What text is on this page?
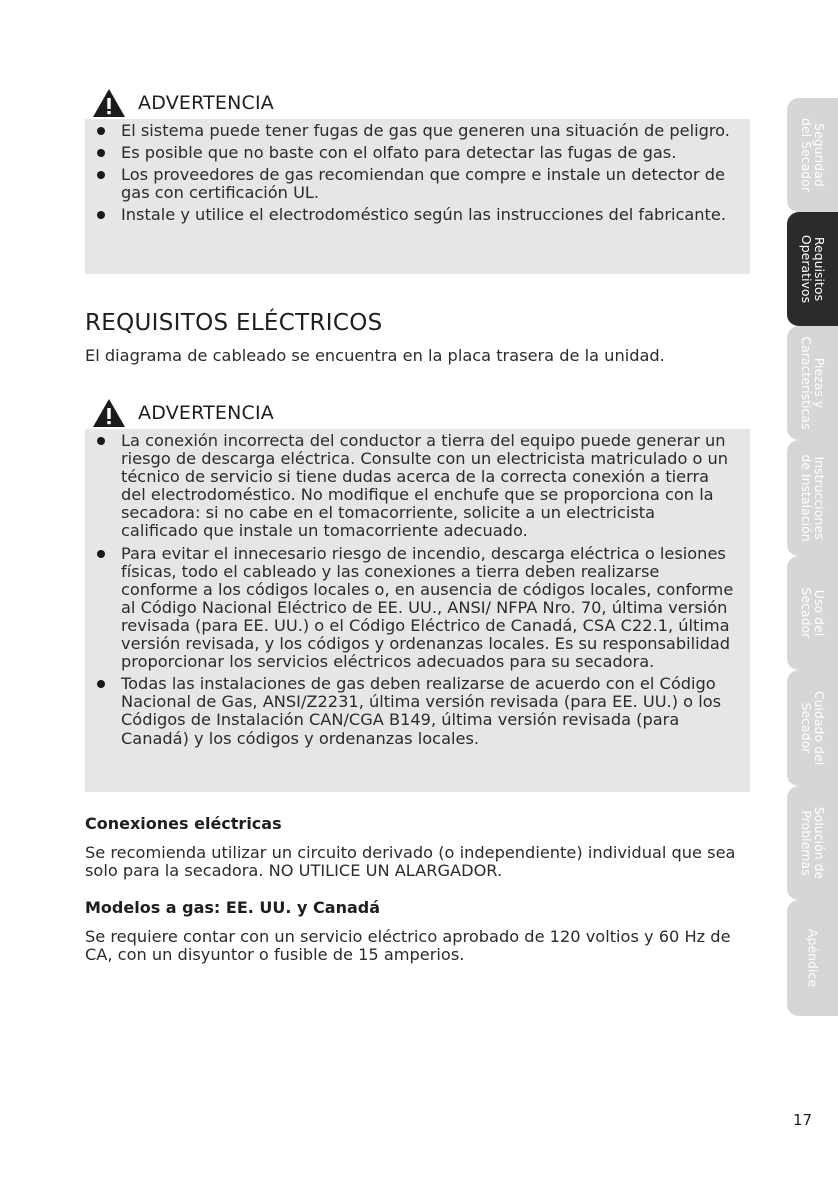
ADVERTENCIA
El sistema puede tener fugas de gas que generen una situación de peligro.
Es posible que no baste con el olfato para detectar las fugas de gas.
Los proveedores de gas recomiendan que compre e instale un detector de gas con certificación UL.
Instale y utilice el electrodoméstico según las instrucciones del fabricante.
REQUISITOS ELÉCTRICOS
El diagrama de cableado se encuentra en la placa trasera de la unidad.
ADVERTENCIA
La conexión incorrecta del conductor a tierra del equipo puede generar un riesgo de descarga eléctrica. Consulte con un electricista matriculado o un técnico de servicio si tiene dudas acerca de la correcta conexión a tierra del electrodoméstico. No modifique el enchufe que se proporciona con la secadora: si no cabe en el tomacorriente, solicite a un electricista calificado que instale un tomacorriente adecuado.
Para evitar el innecesario riesgo de incendio, descarga eléctrica o lesiones físicas, todo el cableado y las conexiones a tierra deben realizarse conforme a los códigos locales o, en ausencia de códigos locales, conforme al Código Nacional Eléctrico de EE. UU., ANSI/ NFPA Nro. 70, última versión revisada (para EE. UU.) o el Código Eléctrico de Canadá, CSA C22.1, última versión revisada, y los códigos y ordenanzas locales. Es su responsabilidad proporcionar los servicios eléctricos adecuados para su secadora.
Todas las instalaciones de gas deben realizarse de acuerdo con el Código Nacional de Gas, ANSI/Z2231, última versión revisada (para EE. UU.) o los Códigos de Instalación CAN/CGA B149, última versión revisada (para Canadá) y los códigos y ordenanzas locales.
Conexiones eléctricas
Se recomienda utilizar un circuito derivado (o independiente) individual que sea solo para la secadora. NO UTILICE UN ALARGADOR.
Modelos a gas: EE. UU. y Canadá
Se requiere contar con un servicio eléctrico aprobado de 120 voltios y 60 Hz de CA, con un disyuntor o fusible de 15 amperios.
Seguridad
del Secador
Requisitos
Operativos
Piezas y
Características
Instrucciones
de Instalación
Uso del
Secador
Cuidado del
Secador
Solución de
Problemas
Apéndice
17
